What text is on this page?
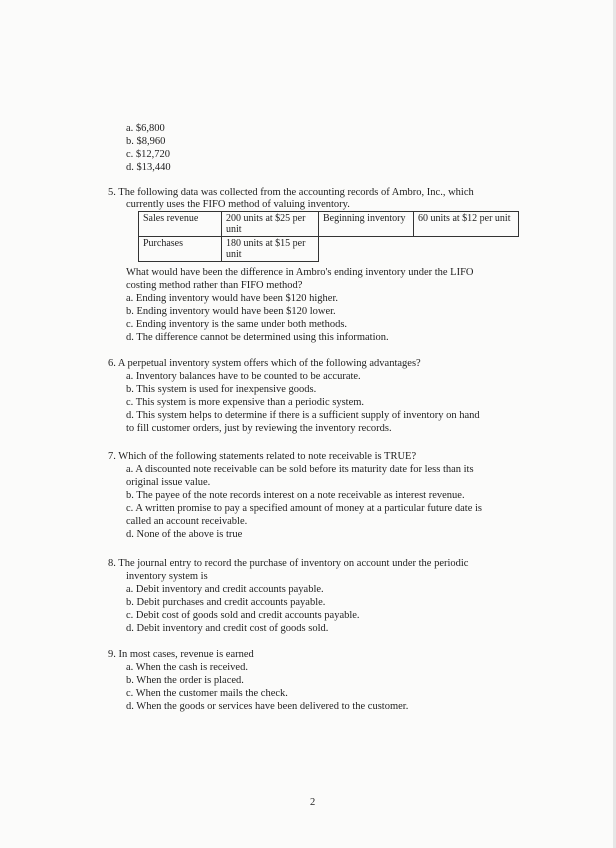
a. $6,800
b. $8,960
c. $12,720
d. $13,440
5. The following data was collected from the accounting records of Ambro, Inc., which
currently uses the FIFO method of valuing inventory.
Sales revenue	200 units at $25 per unit	Beginning inventory	60 units at $12 per unit
Purchases	180 units at $15 per unit		
What would have been the difference in Ambro's ending inventory under the LIFO
costing method rather than FIFO method?
a. Ending inventory would have been $120 higher.
b. Ending inventory would have been $120 lower.
c. Ending inventory is the same under both methods.
d. The difference cannot be determined using this information.
6. A perpetual inventory system offers which of the following advantages?
a. Inventory balances have to be counted to be accurate.
b. This system is used for inexpensive goods.
c. This system is more expensive than a periodic system.
d. This system helps to determine if there is a sufficient supply of inventory on hand
to fill customer orders, just by reviewing the inventory records.
7. Which of the following statements related to note receivable is TRUE?
a. A discounted note receivable can be sold before its maturity date for less than its
original issue value.
b. The payee of the note records interest on a note receivable as interest revenue.
c. A written promise to pay a specified amount of money at a particular future date is
called an account receivable.
d. None of the above is true
8. The journal entry to record the purchase of inventory on account under the periodic
inventory system is
a. Debit inventory and credit accounts payable.
b. Debit purchases and credit accounts payable.
c. Debit cost of goods sold and credit accounts payable.
d. Debit inventory and credit cost of goods sold.
9. In most cases, revenue is earned
a. When the cash is received.
b. When the order is placed.
c. When the customer mails the check.
d. When the goods or services have been delivered to the customer.
2
